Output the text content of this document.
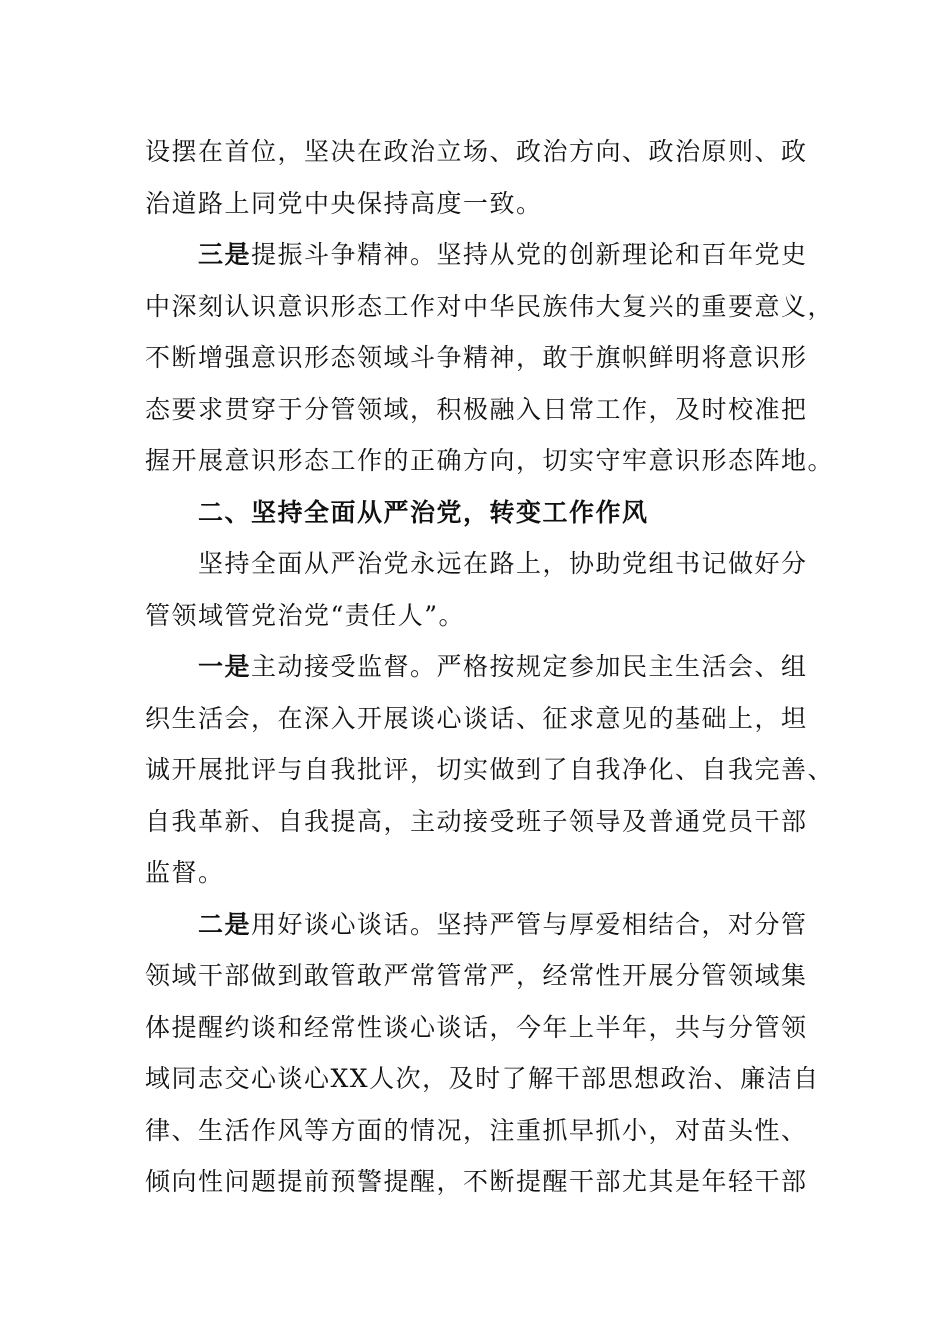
设摆在首位，坚决在政治立场、政治方向、政治原则、政
治道路上同党中央保持高度一致。
三是提振斗争精神。坚持从党的创新理论和百年党史
中深刻认识意识形态工作对中华民族伟大复兴的重要意义，
不断增强意识形态领域斗争精神，敢于旗帜鲜明将意识形
态要求贯穿于分管领域，积极融入日常工作，及时校准把
握开展意识形态工作的正确方向，切实守牢意识形态阵地。
二、坚持全面从严治党，转变工作作风
坚持全面从严治党永远在路上，协助党组书记做好分
管领域管党治党“责任人”。
一是主动接受监督。严格按规定参加民主生活会、组
织生活会，在深入开展谈心谈话、征求意见的基础上，坦
诚开展批评与自我批评，切实做到了自我净化、自我完善、
自我革新、自我提高，主动接受班子领导及普通党员干部
监督。
二是用好谈心谈话。坚持严管与厚爱相结合，对分管
领域干部做到敢管敢严常管常严，经常性开展分管领域集
体提醒约谈和经常性谈心谈话，今年上半年，共与分管领
域同志交心谈心XX人次，及时了解干部思想政治、廉洁自
律、生活作风等方面的情况，注重抓早抓小，对苗头性、
倾向性问题提前预警提醒，不断提醒干部尤其是年轻干部
